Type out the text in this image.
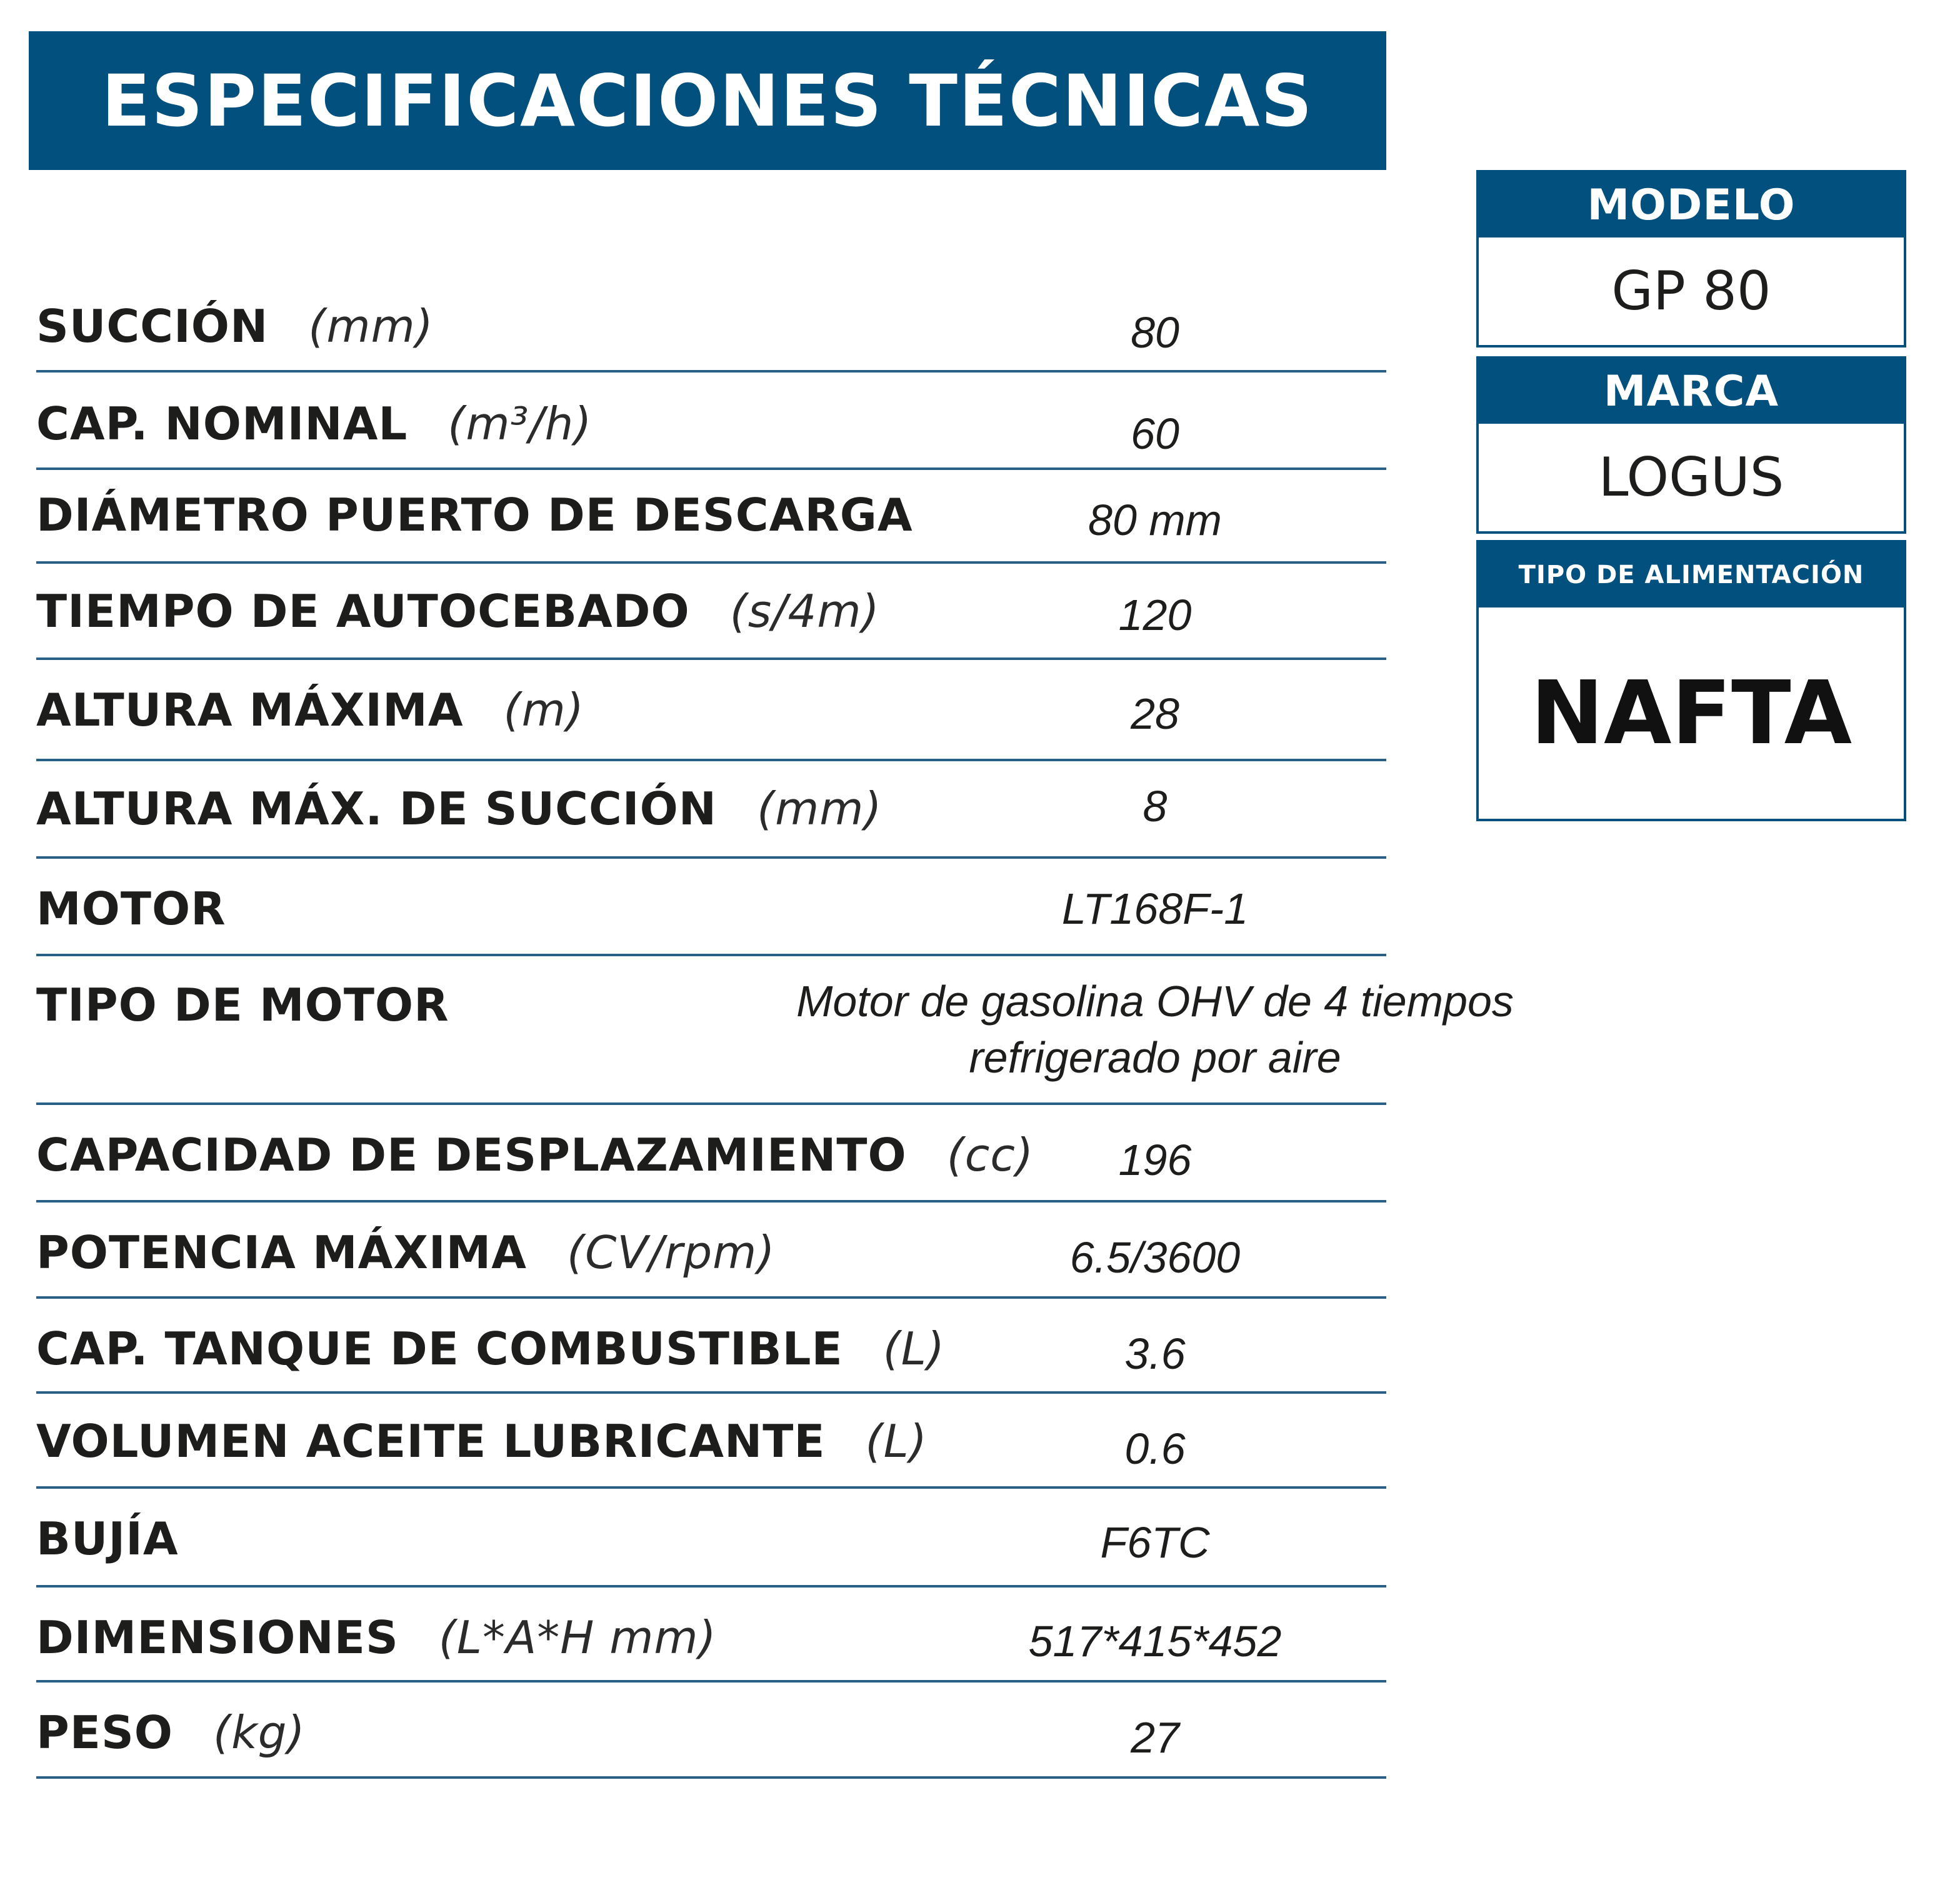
ESPECIFICACIONES TÉCNICAS
SUCCIÓN (mm)	80
CAP. NOMINAL (m³/h)	60
DIÁMETRO PUERTO DE DESCARGA	80 mm
TIEMPO DE AUTOCEBADO (s/4m)	120
ALTURA MÁXIMA (m)	28
ALTURA MÁX. DE SUCCIÓN (mm)	8
MOTOR	LT168F-1
TIPO DE MOTOR	Motor de gasolina OHV de 4 tiempos
refrigerado por aire
CAPACIDAD DE DESPLAZAMIENTO (cc)	196
POTENCIA MÁXIMA (CV/rpm)	6.5/3600
CAP. TANQUE DE COMBUSTIBLE (L)	3.6
VOLUMEN ACEITE LUBRICANTE (L)	0.6
BUJÍA	F6TC
DIMENSIONES (L*A*H mm)	517*415*452
PESO (kg)	27
MODELO
GP 80
MARCA
LOGUS
TIPO DE ALIMENTACIÓN
NAFTA
